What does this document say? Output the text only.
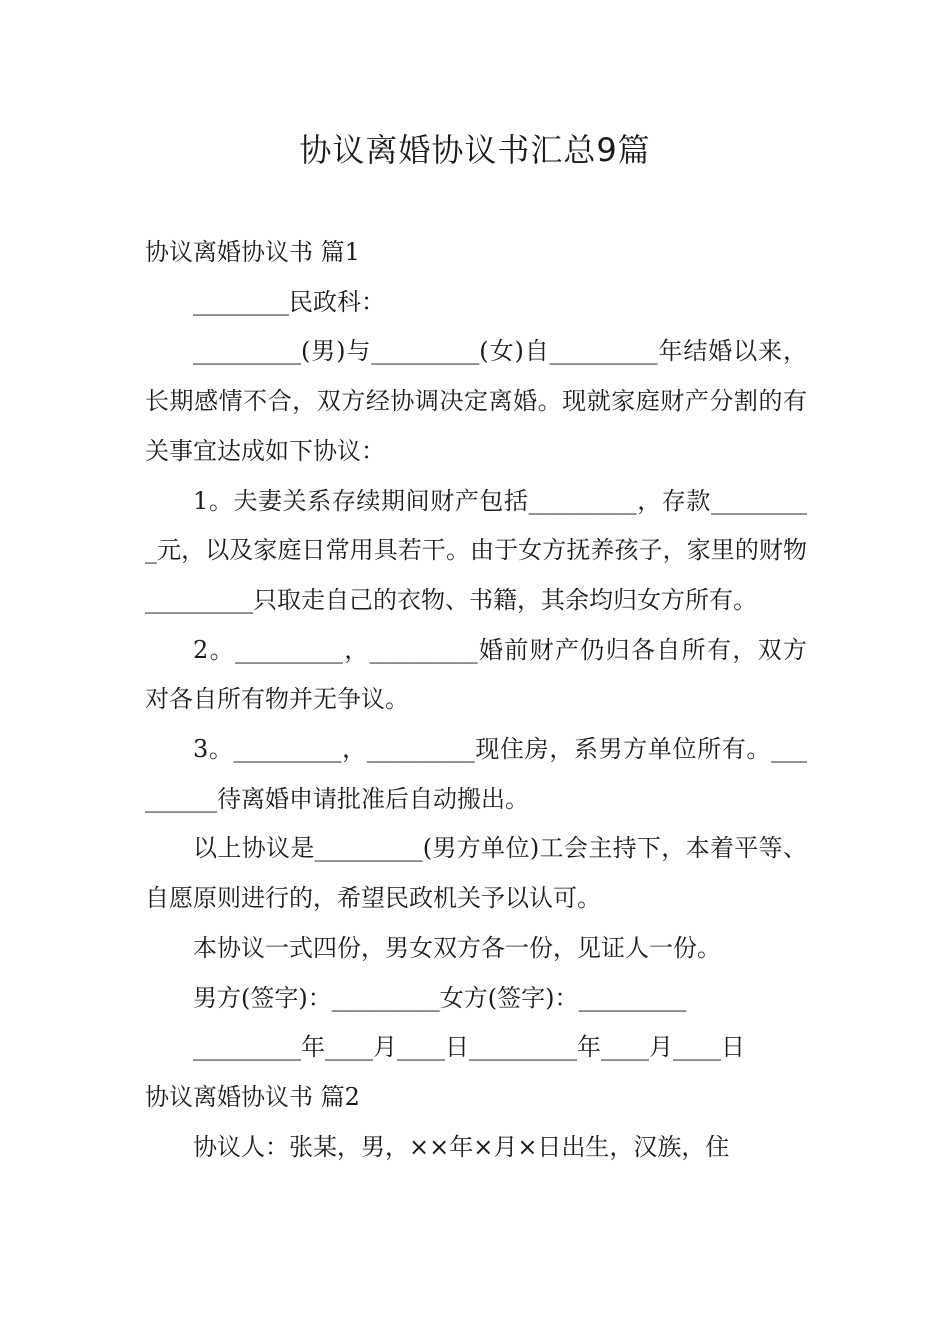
协议离婚协议书汇总9篇

协议离婚协议书 篇1

________民政科：

_________(男)与_________(女)自_________年结婚以来，长期感情不合，双方经协调决定离婚。现就家庭财产分割的有关事宜达成如下协议：

1。夫妻关系存续期间财产包括_________，存款_________元，以及家庭日常用具若干。由于女方抚养孩子，家里的财物_________只取走自己的衣物、书籍，其余均归女方所有。

2。_________，_________婚前财产仍归各自所有，双方对各自所有物并无争议。

3。_________，_________现住房，系男方单位所有。_________待离婚申请批准后自动搬出。

以上协议是_________(男方单位)工会主持下，本着平等、自愿原则进行的，希望民政机关予以认可。

本协议一式四份，男女双方各一份，见证人一份。

男方(签字)：_________女方(签字)：_________

_________年____月____日_________年____月____日

协议离婚协议书 篇2

协议人：张某，男，××年×月×日出生，汉族，住
